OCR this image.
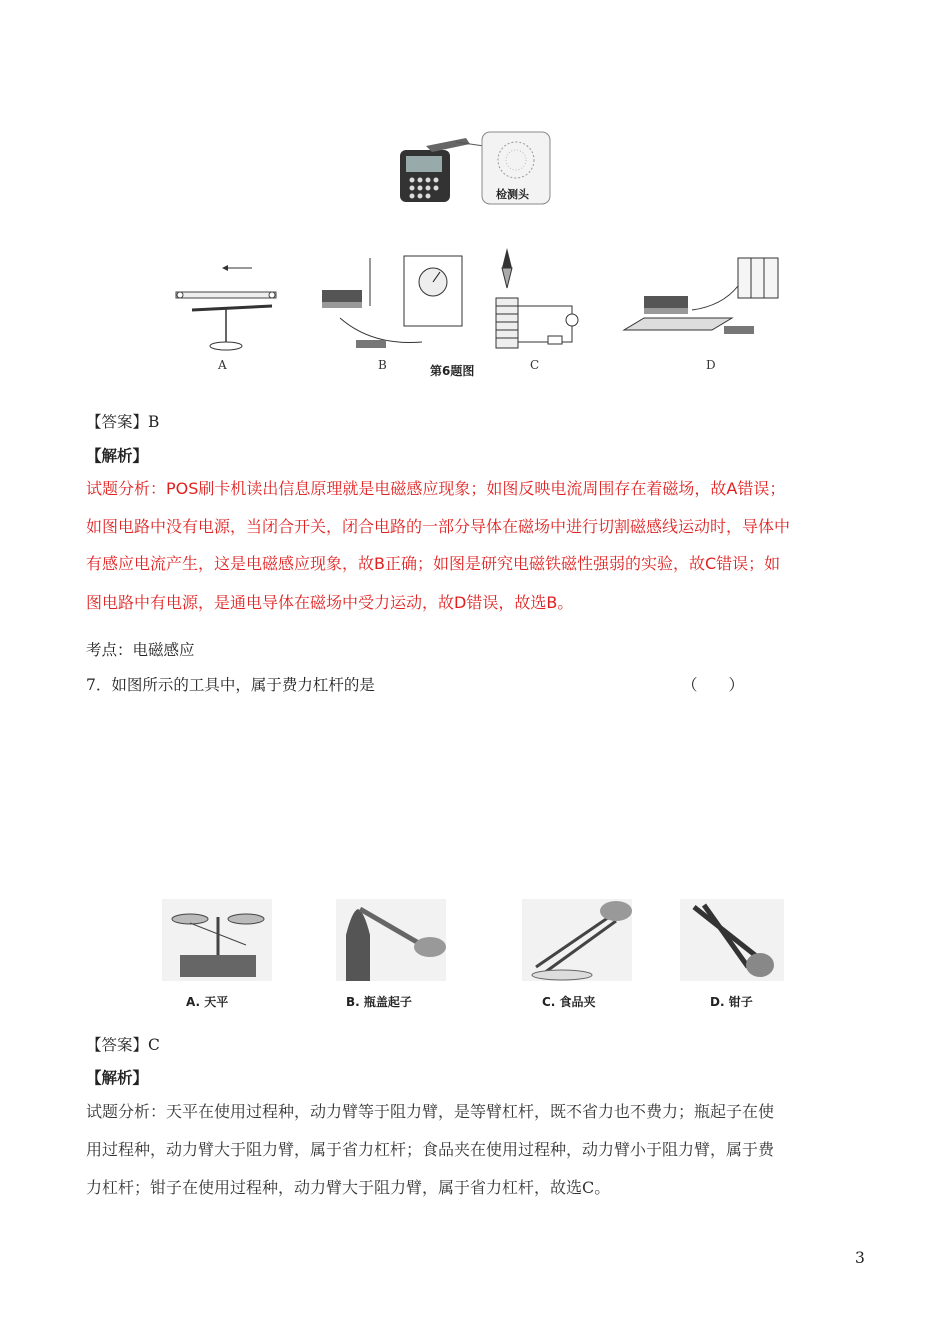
检测头
A	B	C	D
第6题图
【答案】B
【解析】
试题分析：POS刷卡机读出信息原理就是电磁感应现象；如图反映电流周围存在着磁场，故A错误；
如图电路中没有电源，当闭合开关，闭合电路的一部分导体在磁场中进行切割磁感线运动时，导体中
有感应电流产生，这是电磁感应现象，故B正确；如图是研究电磁铁磁性强弱的实验，故C错误；如
图电路中有电源，是通电导体在磁场中受力运动，故D错误，故选B。
考点：电磁感应
7．如图所示的工具中，属于费力杠杆的是	（　　）
A. 天平	B. 瓶盖起子	C. 食品夹	D. 钳子
【答案】C
【解析】
试题分析：天平在使用过程种，动力臂等于阻力臂，是等臂杠杆，既不省力也不费力；瓶起子在使
用过程种，动力臂大于阻力臂，属于省力杠杆；食品夹在使用过程种，动力臂小于阻力臂，属于费
力杠杆；钳子在使用过程种，动力臂大于阻力臂，属于省力杠杆，故选C。
3
